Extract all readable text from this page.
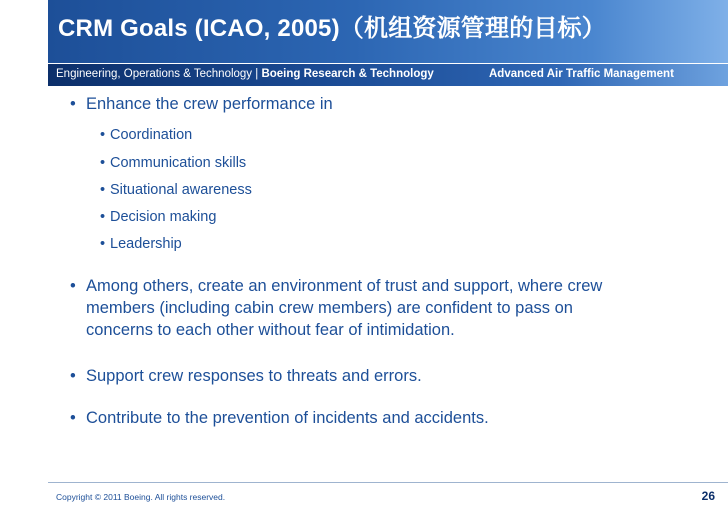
CRM Goals (ICAO, 2005)（机组资源管理的目标）
Engineering, Operations & Technology | Boeing Research & Technology	Advanced Air Traffic Management
• Enhance the crew performance in
• Coordination
• Communication skills
• Situational awareness
• Decision making
• Leadership
• Among others, create an environment of trust and support, where crew
members (including cabin crew members) are confident to pass on
concerns to each other without fear of intimidation.
• Support crew responses to threats and errors.
• Contribute to the prevention of incidents and accidents.
Copyright © 2011 Boeing. All rights reserved.	26
